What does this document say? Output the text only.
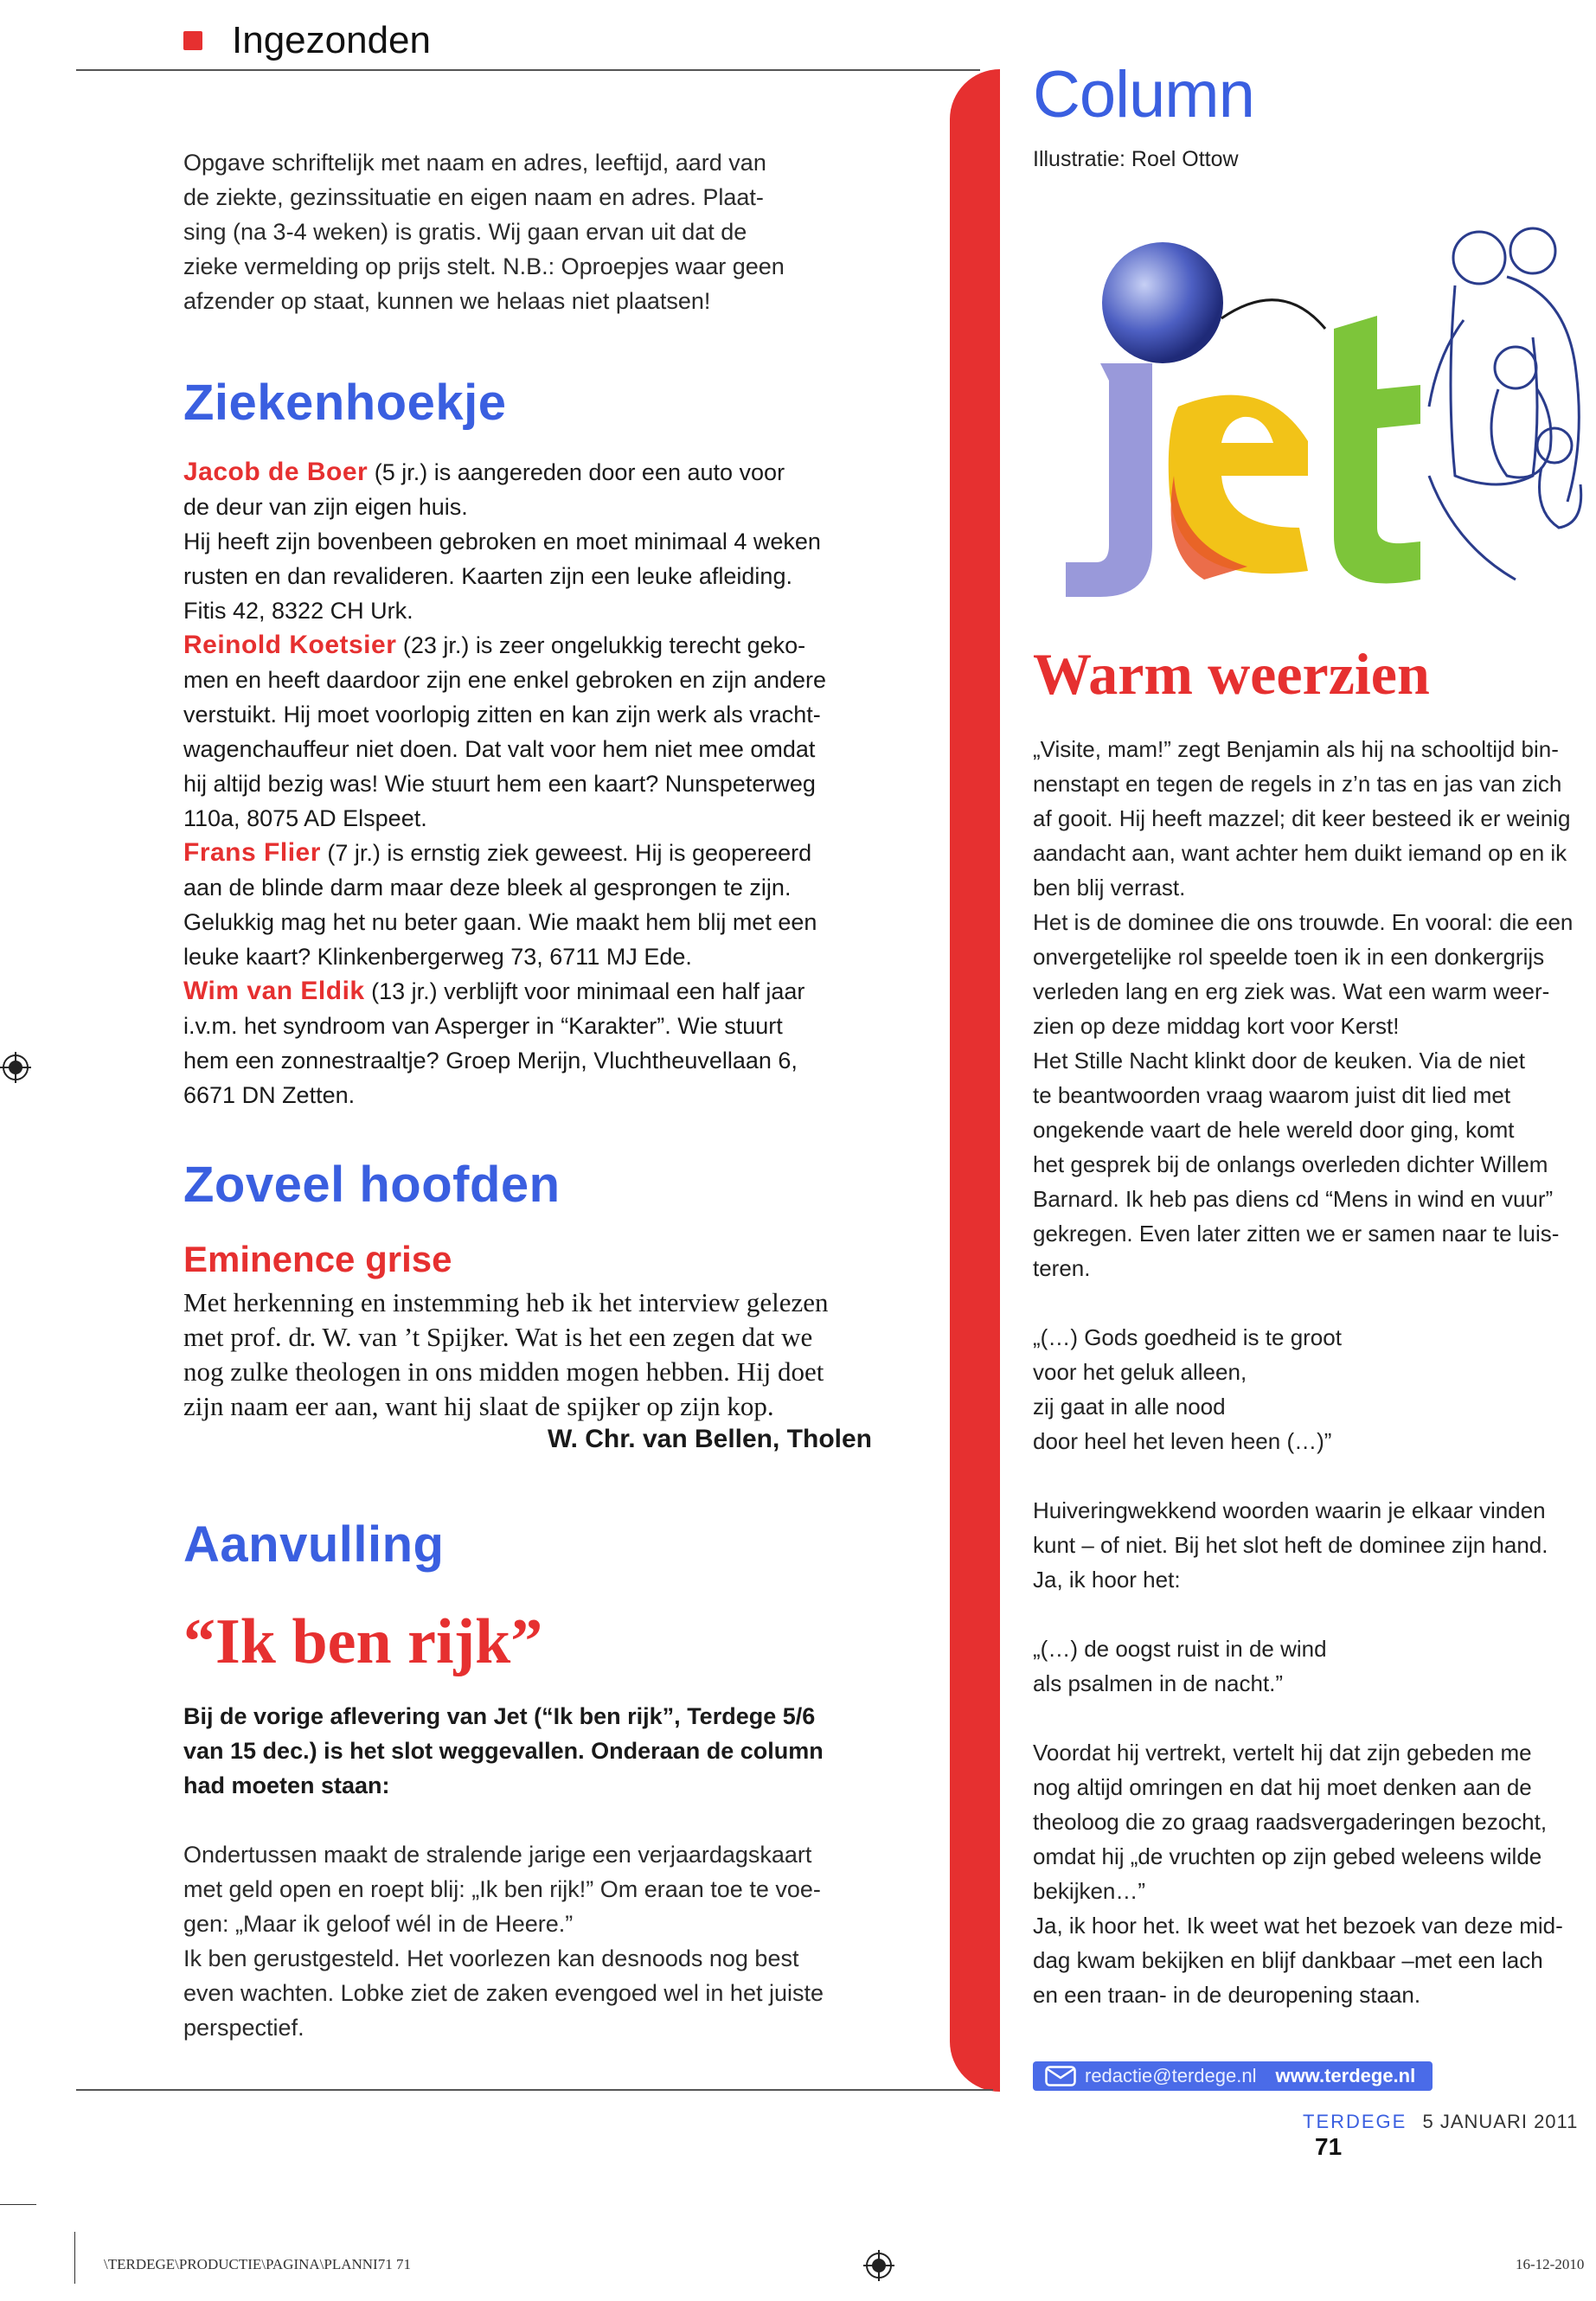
Ingezonden
Opgave schriftelijk met naam en adres, leeftijd, aard van
de ziekte, gezinssituatie en eigen naam en adres. Plaat-
sing (na 3-4 weken) is gratis. Wij gaan ervan uit dat de
zieke vermelding op prijs stelt. N.B.: Oproepjes waar geen
afzender op staat, kunnen we helaas niet plaatsen!
Ziekenhoekje
Jacob de Boer (5 jr.) is aangereden door een auto voor
de deur van zijn eigen huis.
Hij heeft zijn bovenbeen gebroken en moet minimaal 4 weken
rusten en dan revalideren. Kaarten zijn een leuke afleiding.
Fitis 42, 8322 CH Urk.
Reinold Koetsier (23 jr.) is zeer ongelukkig terecht geko-
men en heeft daardoor zijn ene enkel gebroken en zijn andere
verstuikt. Hij moet voorlopig zitten en kan zijn werk als vracht-
wagenchauffeur niet doen. Dat valt voor hem niet mee omdat
hij altijd bezig was! Wie stuurt hem een kaart? Nunspeterweg
110a, 8075 AD Elspeet.
Frans Flier (7 jr.) is ernstig ziek geweest. Hij is geopereerd
aan de blinde darm maar deze bleek al gesprongen te zijn.
Gelukkig mag het nu beter gaan. Wie maakt hem blij met een
leuke kaart? Klinkenbergerweg 73, 6711 MJ Ede.
Wim van Eldik (13 jr.) verblijft voor minimaal een half jaar
i.v.m. het syndroom van Asperger in “Karakter”. Wie stuurt
hem een zonnestraaltje? Groep Merijn, Vluchtheuvellaan 6,
6671 DN Zetten.
Zoveel hoofden
Eminence grise
Met herkenning en instemming heb ik het interview gelezen
met prof. dr. W. van ’t Spijker. Wat is het een zegen dat we
nog zulke theologen in ons midden mogen hebben. Hij doet
zijn naam eer aan, want hij slaat de spijker op zijn kop.
W. Chr. van Bellen, Tholen
Aanvulling
“Ik ben rijk”
Bij de vorige aflevering van Jet (“Ik ben rijk”, Terdege 5/6
van 15 dec.) is het slot weggevallen. Onderaan de column
had moeten staan:
Ondertussen maakt de stralende jarige een verjaardagskaart
met geld open en roept blij: „Ik ben rijk!” Om eraan toe te voe-
gen: „Maar ik geloof wél in de Heere.”
Ik ben gerustgesteld. Het voorlezen kan desnoods nog best
even wachten. Lobke ziet de zaken evengoed wel in het juiste
perspectief.
Column
Illustratie: Roel Ottow
Warm weerzien
„Visite, mam!” zegt Benjamin als hij na schooltijd bin-
nenstapt en tegen de regels in z’n tas en jas van zich
af gooit. Hij heeft mazzel; dit keer besteed ik er weinig
aandacht aan, want achter hem duikt iemand op en ik
ben blij verrast.
Het is de dominee die ons trouwde. En vooral: die een
onvergetelijke rol speelde toen ik in een donkergrijs
verleden lang en erg ziek was. Wat een warm weer-
zien op deze middag kort voor Kerst!
Het Stille Nacht klinkt door de keuken. Via de niet
te beantwoorden vraag waarom juist dit lied met
ongekende vaart de hele wereld door ging, komt
het gesprek bij de onlangs overleden dichter Willem
Barnard. Ik heb pas diens cd “Mens in wind en vuur”
gekregen. Even later zitten we er samen naar te luis-
teren.
„(…) Gods goedheid is te groot
voor het geluk alleen,
zij gaat in alle nood
door heel het leven heen (…)”
Huiveringwekkend woorden waarin je elkaar vinden
kunt – of niet. Bij het slot heft de dominee zijn hand.
Ja, ik hoor het:
„(…) de oogst ruist in de wind
als psalmen in de nacht.”
Voordat hij vertrekt, vertelt hij dat zijn gebeden me
nog altijd omringen en dat hij moet denken aan de
theoloog die zo graag raadsvergaderingen bezocht,
omdat hij „de vruchten op zijn gebed weleens wilde
bekijken…”
Ja, ik hoor het. Ik weet wat het bezoek van deze mid-
dag kwam bekijken en blijf dankbaar –met een lach
en een traan- in de deuropening staan.
redactie@terdege.nl www.terdege.nl
TERDEGE 5 JANUARI 2011 71
\TERDEGE\PRODUCTIE\PAGINA\PLANNI71 71	16-12-2010
